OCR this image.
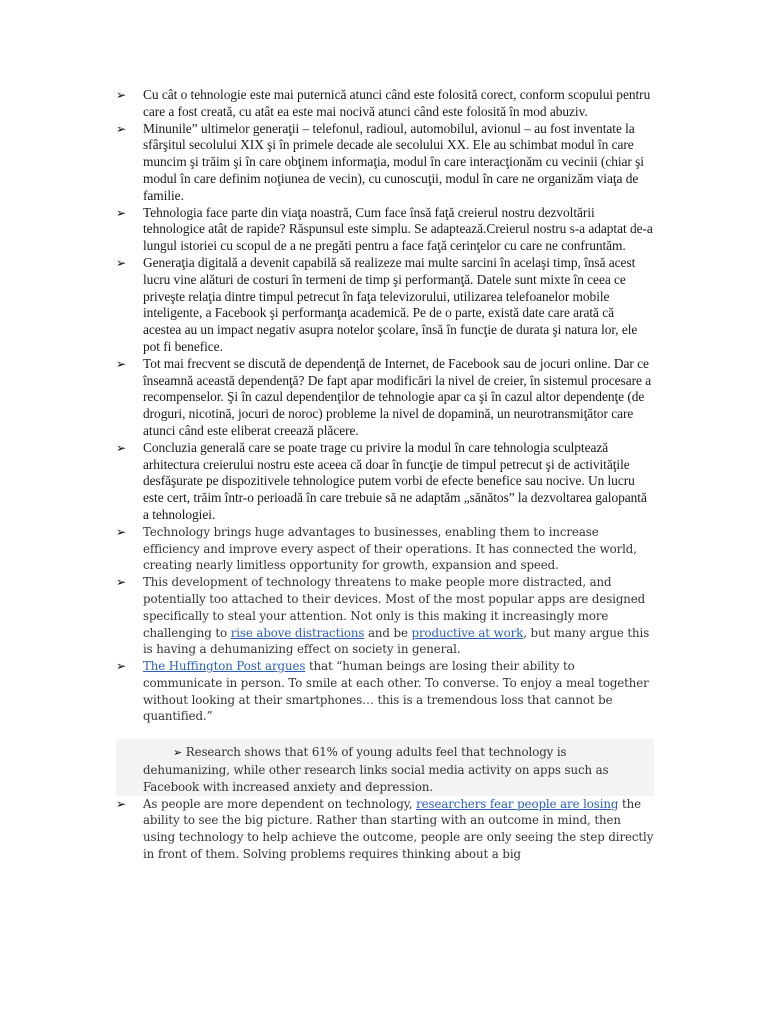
➢ Cu cât o tehnologie este mai puternică atunci când este folosită corect, conform scopului pentru care a fost creată, cu atât ea este mai nocivă atunci când este folosită în mod abuziv.
➢ Minunile” ultimelor generaţii – telefonul, radioul, automobilul, avionul – au fost inventate la sfârşitul secolului XIX şi în primele decade ale secolului XX. Ele au schimbat modul în care muncim şi trăim şi în care obţinem informaţia, modul în care interacţionăm cu vecinii (chiar şi modul în care definim noţiunea de vecin), cu cunoscuţii, modul în care ne organizăm viaţa de familie.
➢ Tehnologia face parte din viaţa noastră, Cum face însă faţă creierul nostru dezvoltării tehnologice atât de rapide? Răspunsul este simplu. Se adaptează.Creierul nostru s-a adaptat de-a lungul istoriei cu scopul de a ne pregăti pentru a face faţă cerinţelor cu care ne confruntăm.
➢ Generaţia digitală a devenit capabilă să realizeze mai multe sarcini în acelaşi timp, însă acest lucru vine alături de costuri în termeni de timp şi performanţă. Datele sunt mixte în ceea ce priveşte relaţia dintre timpul petrecut în faţa televizorului, utilizarea telefoanelor mobile inteligente, a Facebook şi performanţa academică. Pe de o parte, există date care arată că acestea au un impact negativ asupra notelor şcolare, însă în funcţie de durata şi natura lor, ele pot fi benefice.
➢ Tot mai frecvent se discută de dependenţă de Internet, de Facebook sau de jocuri online. Dar ce înseamnă această dependenţă? De fapt apar modificări la nivel de creier, în sistemul procesare a recompenselor. Şi în cazul dependenţilor de tehnologie apar ca şi în cazul altor dependenţe (de droguri, nicotină, jocuri de noroc) probleme la nivel de dopamină, un neurotransmiţător care atunci când este eliberat creează plăcere.
➢ Concluzia generală care se poate trage cu privire la modul în care tehnologia sculptează arhitectura creierului nostru este aceea că doar în funcţie de timpul petrecut şi de activităţile desfăşurate pe dispozitivele tehnologice putem vorbi de efecte benefice sau nocive. Un lucru este cert, trăim într-o perioadă în care trebuie să ne adaptăm „sănătos” la dezvoltarea galopantă a tehnologiei.
➢ Technology brings huge advantages to businesses, enabling them to increase efficiency and improve every aspect of their operations. It has connected the world, creating nearly limitless opportunity for growth, expansion and speed.
➢ This development of technology threatens to make people more distracted, and potentially too attached to their devices. Most of the most popular apps are designed specifically to steal your attention. Not only is this making it increasingly more challenging to rise above distractions and be productive at work, but many argue this is having a dehumanizing effect on society in general.
➢ The Huffington Post argues that “human beings are losing their ability to communicate in person. To smile at each other. To converse. To enjoy a meal together without looking at their smartphones… this is a tremendous loss that cannot be quantified.”
➢ Research shows that 61% of young adults feel that technology is dehumanizing, while other research links social media activity on apps such as Facebook with increased anxiety and depression.
➢ As people are more dependent on technology, researchers fear people are losing the ability to see the big picture. Rather than starting with an outcome in mind, then using technology to help achieve the outcome, people are only seeing the step directly in front of them. Solving problems requires thinking about a big
